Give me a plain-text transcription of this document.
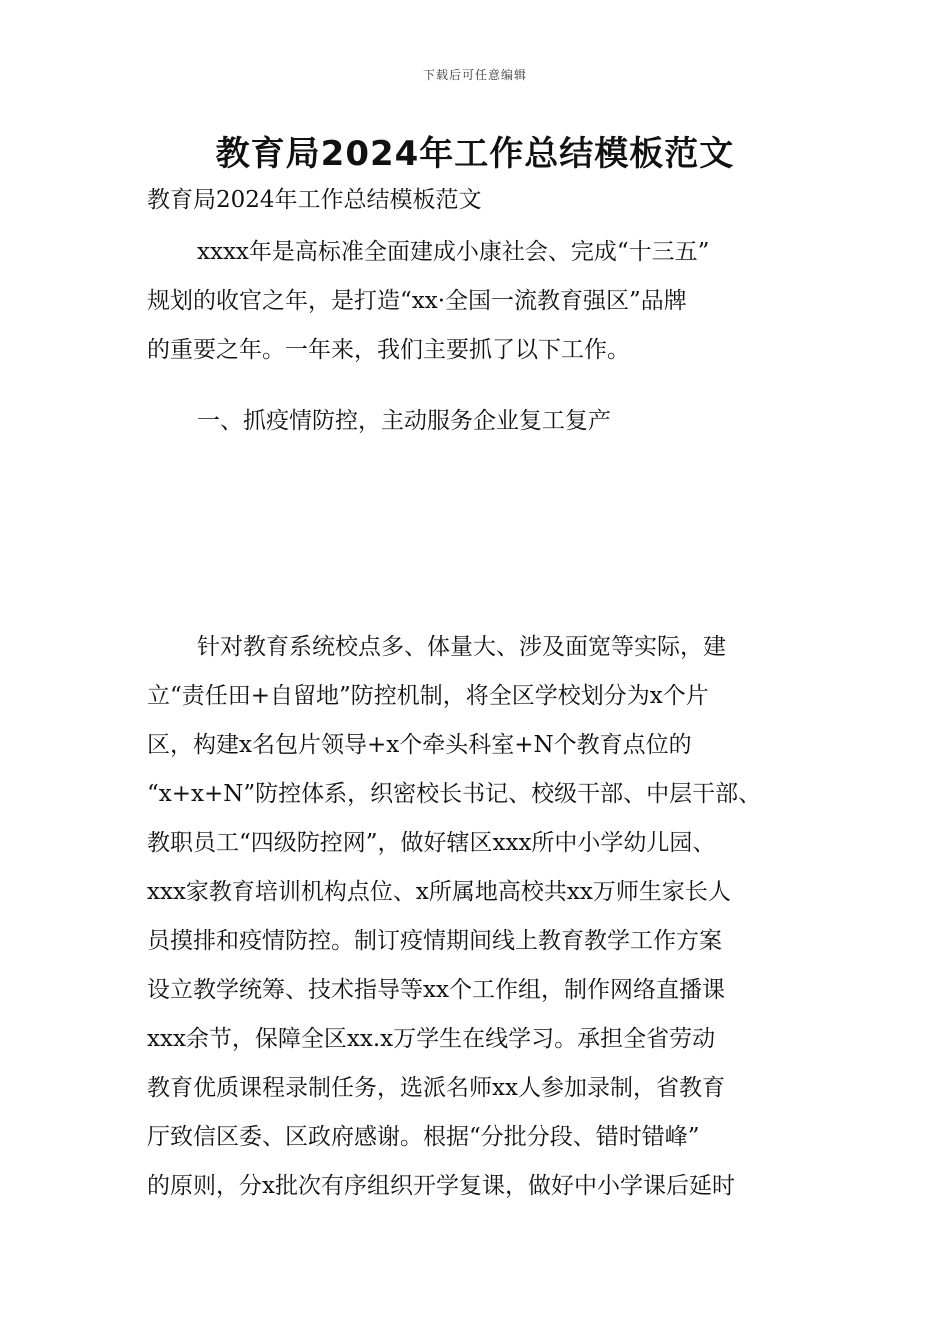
下载后可任意编辑
教育局2024年工作总结模板范文
教育局2024年工作总结模板范文
xxxx年是高标准全面建成小康社会、完成“十三五”
规划的收官之年，是打造“xx·全国一流教育强区”品牌
的重要之年。一年来，我们主要抓了以下工作。
一、抓疫情防控，主动服务企业复工复产
针对教育系统校点多、体量大、涉及面宽等实际，建
立“责任田+自留地”防控机制，将全区学校划分为x个片
区，构建x名包片领导+x个牵头科室+N个教育点位的
“x+x+N”防控体系，织密校长书记、校级干部、中层干部、
教职员工“四级防控网”，做好辖区xxx所中小学幼儿园、
xxx家教育培训机构点位、x所属地高校共xx万师生家长人
员摸排和疫情防控。制订疫情期间线上教育教学工作方案
设立教学统筹、技术指导等xx个工作组，制作网络直播课
xxx余节，保障全区xx.x万学生在线学习。承担全省劳动
教育优质课程录制任务，选派名师xx人参加录制，省教育
厅致信区委、区政府感谢。根据“分批分段、错时错峰”
的原则，分x批次有序组织开学复课，做好中小学课后延时
